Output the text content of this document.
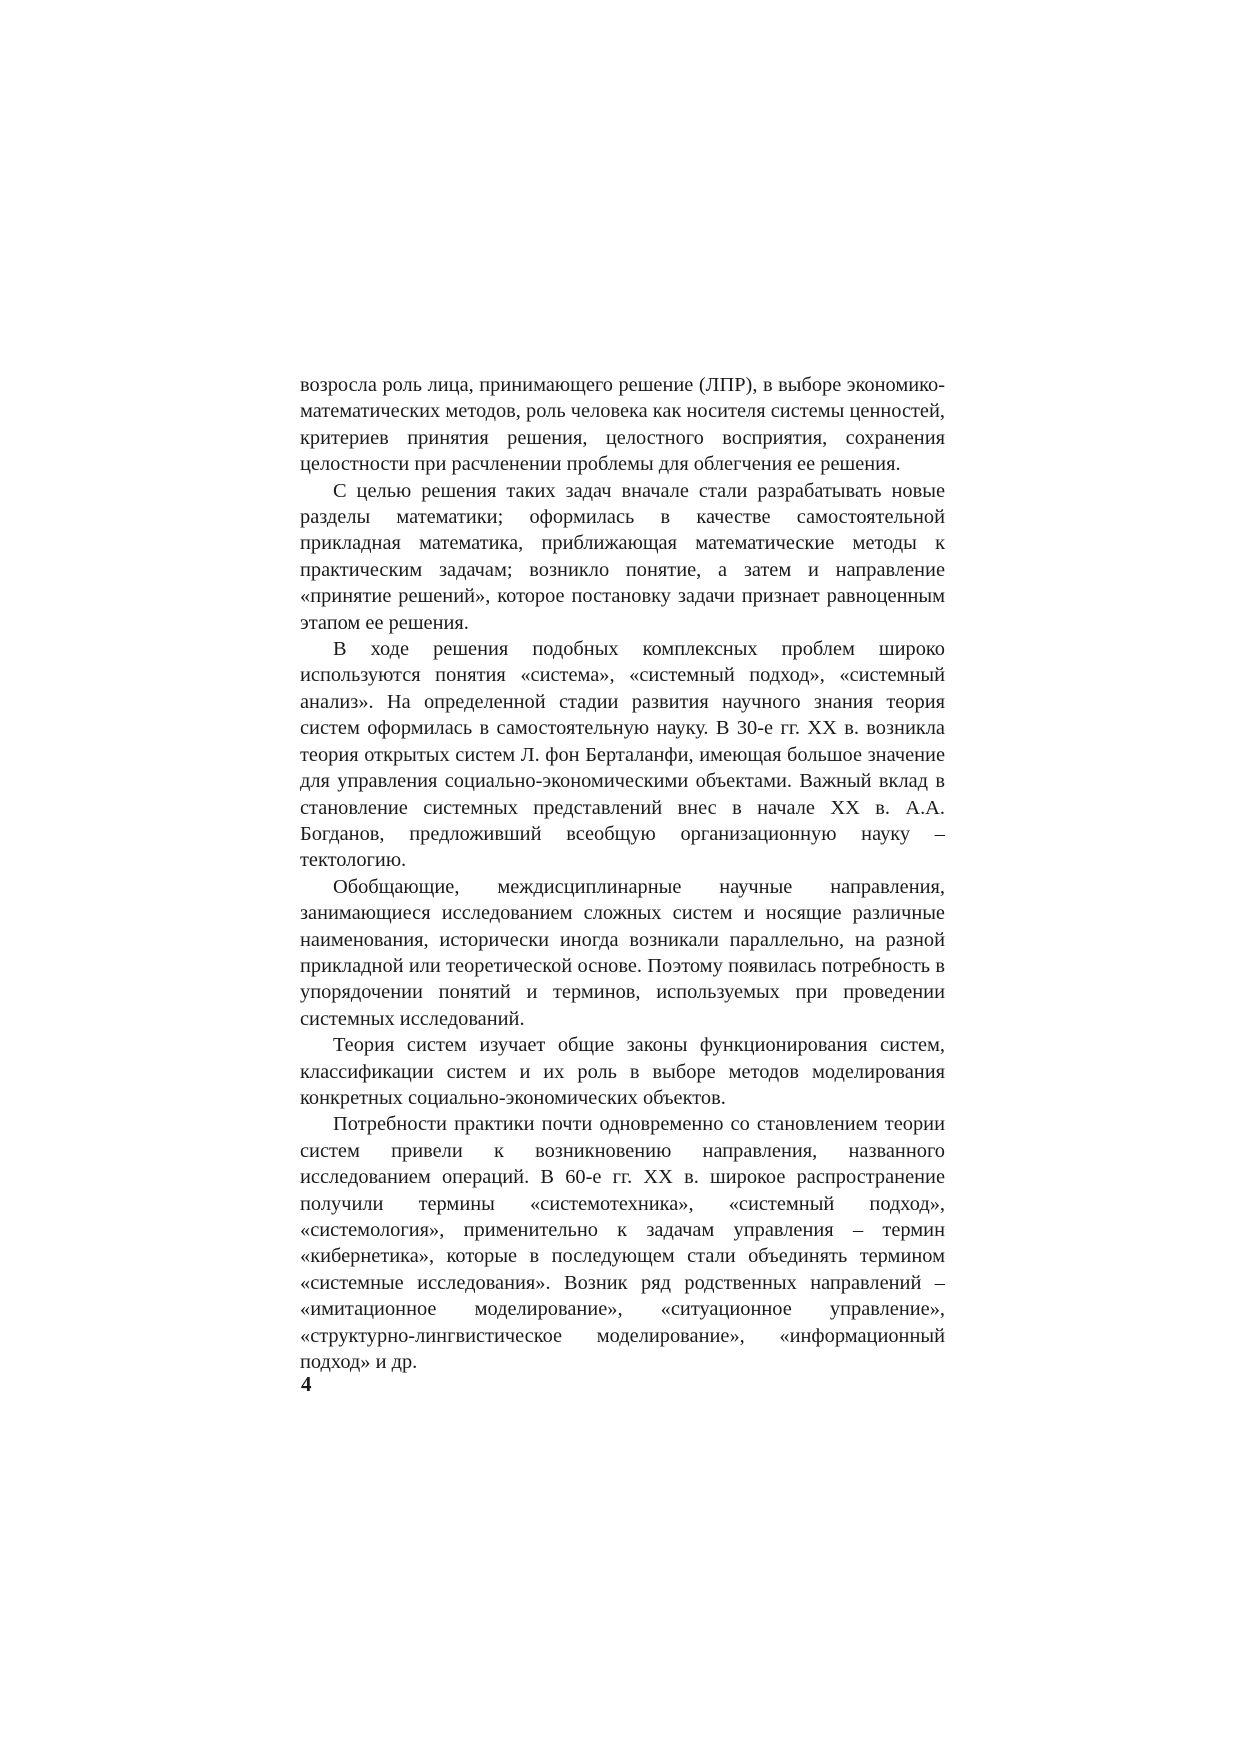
возросла роль лица, принимающего решение (ЛПР), в выборе экономико-математических методов, роль человека как носителя системы ценностей, критериев принятия решения, целостного восприятия, сохранения целостности при расчленении проблемы для облегчения ее решения.

С целью решения таких задач вначале стали разрабатывать новые разделы математики; оформилась в качестве самостоятельной прикладная математика, приближающая математические методы к практическим задачам; возникло понятие, а затем и направление «принятие решений», которое постановку задачи признает равноценным этапом ее решения.

В ходе решения подобных комплексных проблем широко используются понятия «система», «системный подход», «системный анализ». На определенной стадии развития научного знания теория систем оформилась в самостоятельную науку. В 30-е гг. XX в. возникла теория открытых систем Л. фон Берталанфи, имеющая большое значение для управления социально-экономическими объектами. Важный вклад в становление системных представлений внес в начале XX в. А.А. Богданов, предложивший всеобщую организационную науку – тектологию.

Обобщающие, междисциплинарные научные направления, занимающиеся исследованием сложных систем и носящие различные наименования, исторически иногда возникали параллельно, на разной прикладной или теоретической основе. Поэтому появилась потребность в упорядочении понятий и терминов, используемых при проведении системных исследований.

Теория систем изучает общие законы функционирования систем, классификации систем и их роль в выборе методов моделирования конкретных социально-экономических объектов.

Потребности практики почти одновременно со становлением теории систем привели к возникновению направления, названного исследованием операций. В 60-е гг. XX в. широкое распространение получили термины «системотехника», «системный подход», «системология», применительно к задачам управления – термин «кибернетика», которые в последующем стали объединять термином «системные исследования». Возник ряд родственных направлений – «имитационное моделирование», «ситуационное управление», «структурно-лингвистическое моделирование», «информационный подход» и др.

4
